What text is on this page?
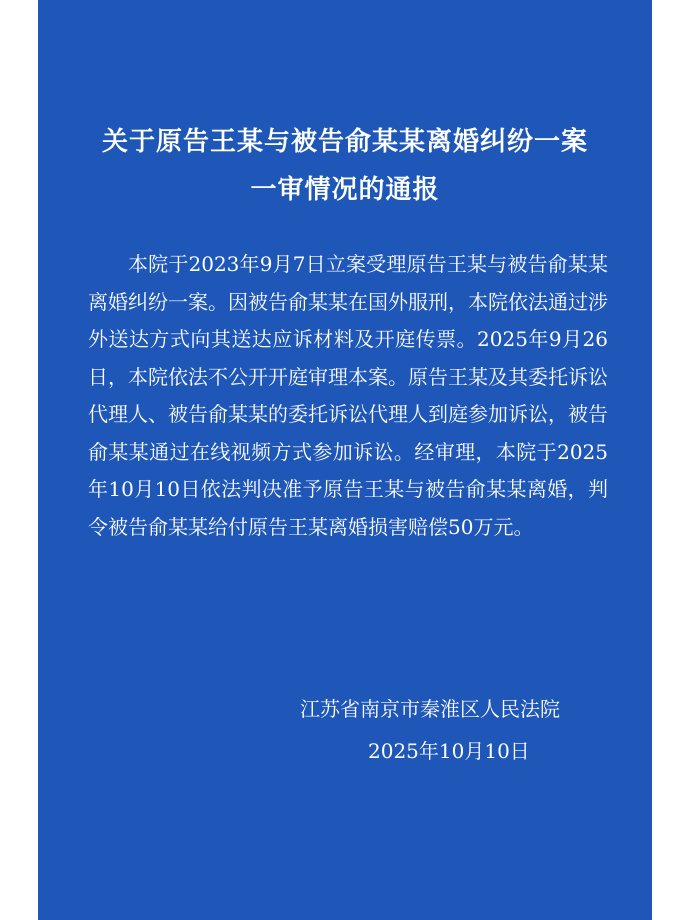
关于原告王某与被告俞某某离婚纠纷一案
一审情况的通报

本院于2023年9月7日立案受理原告王某与被告俞某某离婚纠纷一案。因被告俞某某在国外服刑，本院依法通过涉外送达方式向其送达应诉材料及开庭传票。2025年9月26日，本院依法不公开开庭审理本案。原告王某及其委托诉讼代理人、被告俞某某的委托诉讼代理人到庭参加诉讼，被告俞某某通过在线视频方式参加诉讼。经审理，本院于2025年10月10日依法判决准予原告王某与被告俞某某离婚，判令被告俞某某给付原告王某离婚损害赔偿50万元。

江苏省南京市秦淮区人民法院
2025年10月10日
